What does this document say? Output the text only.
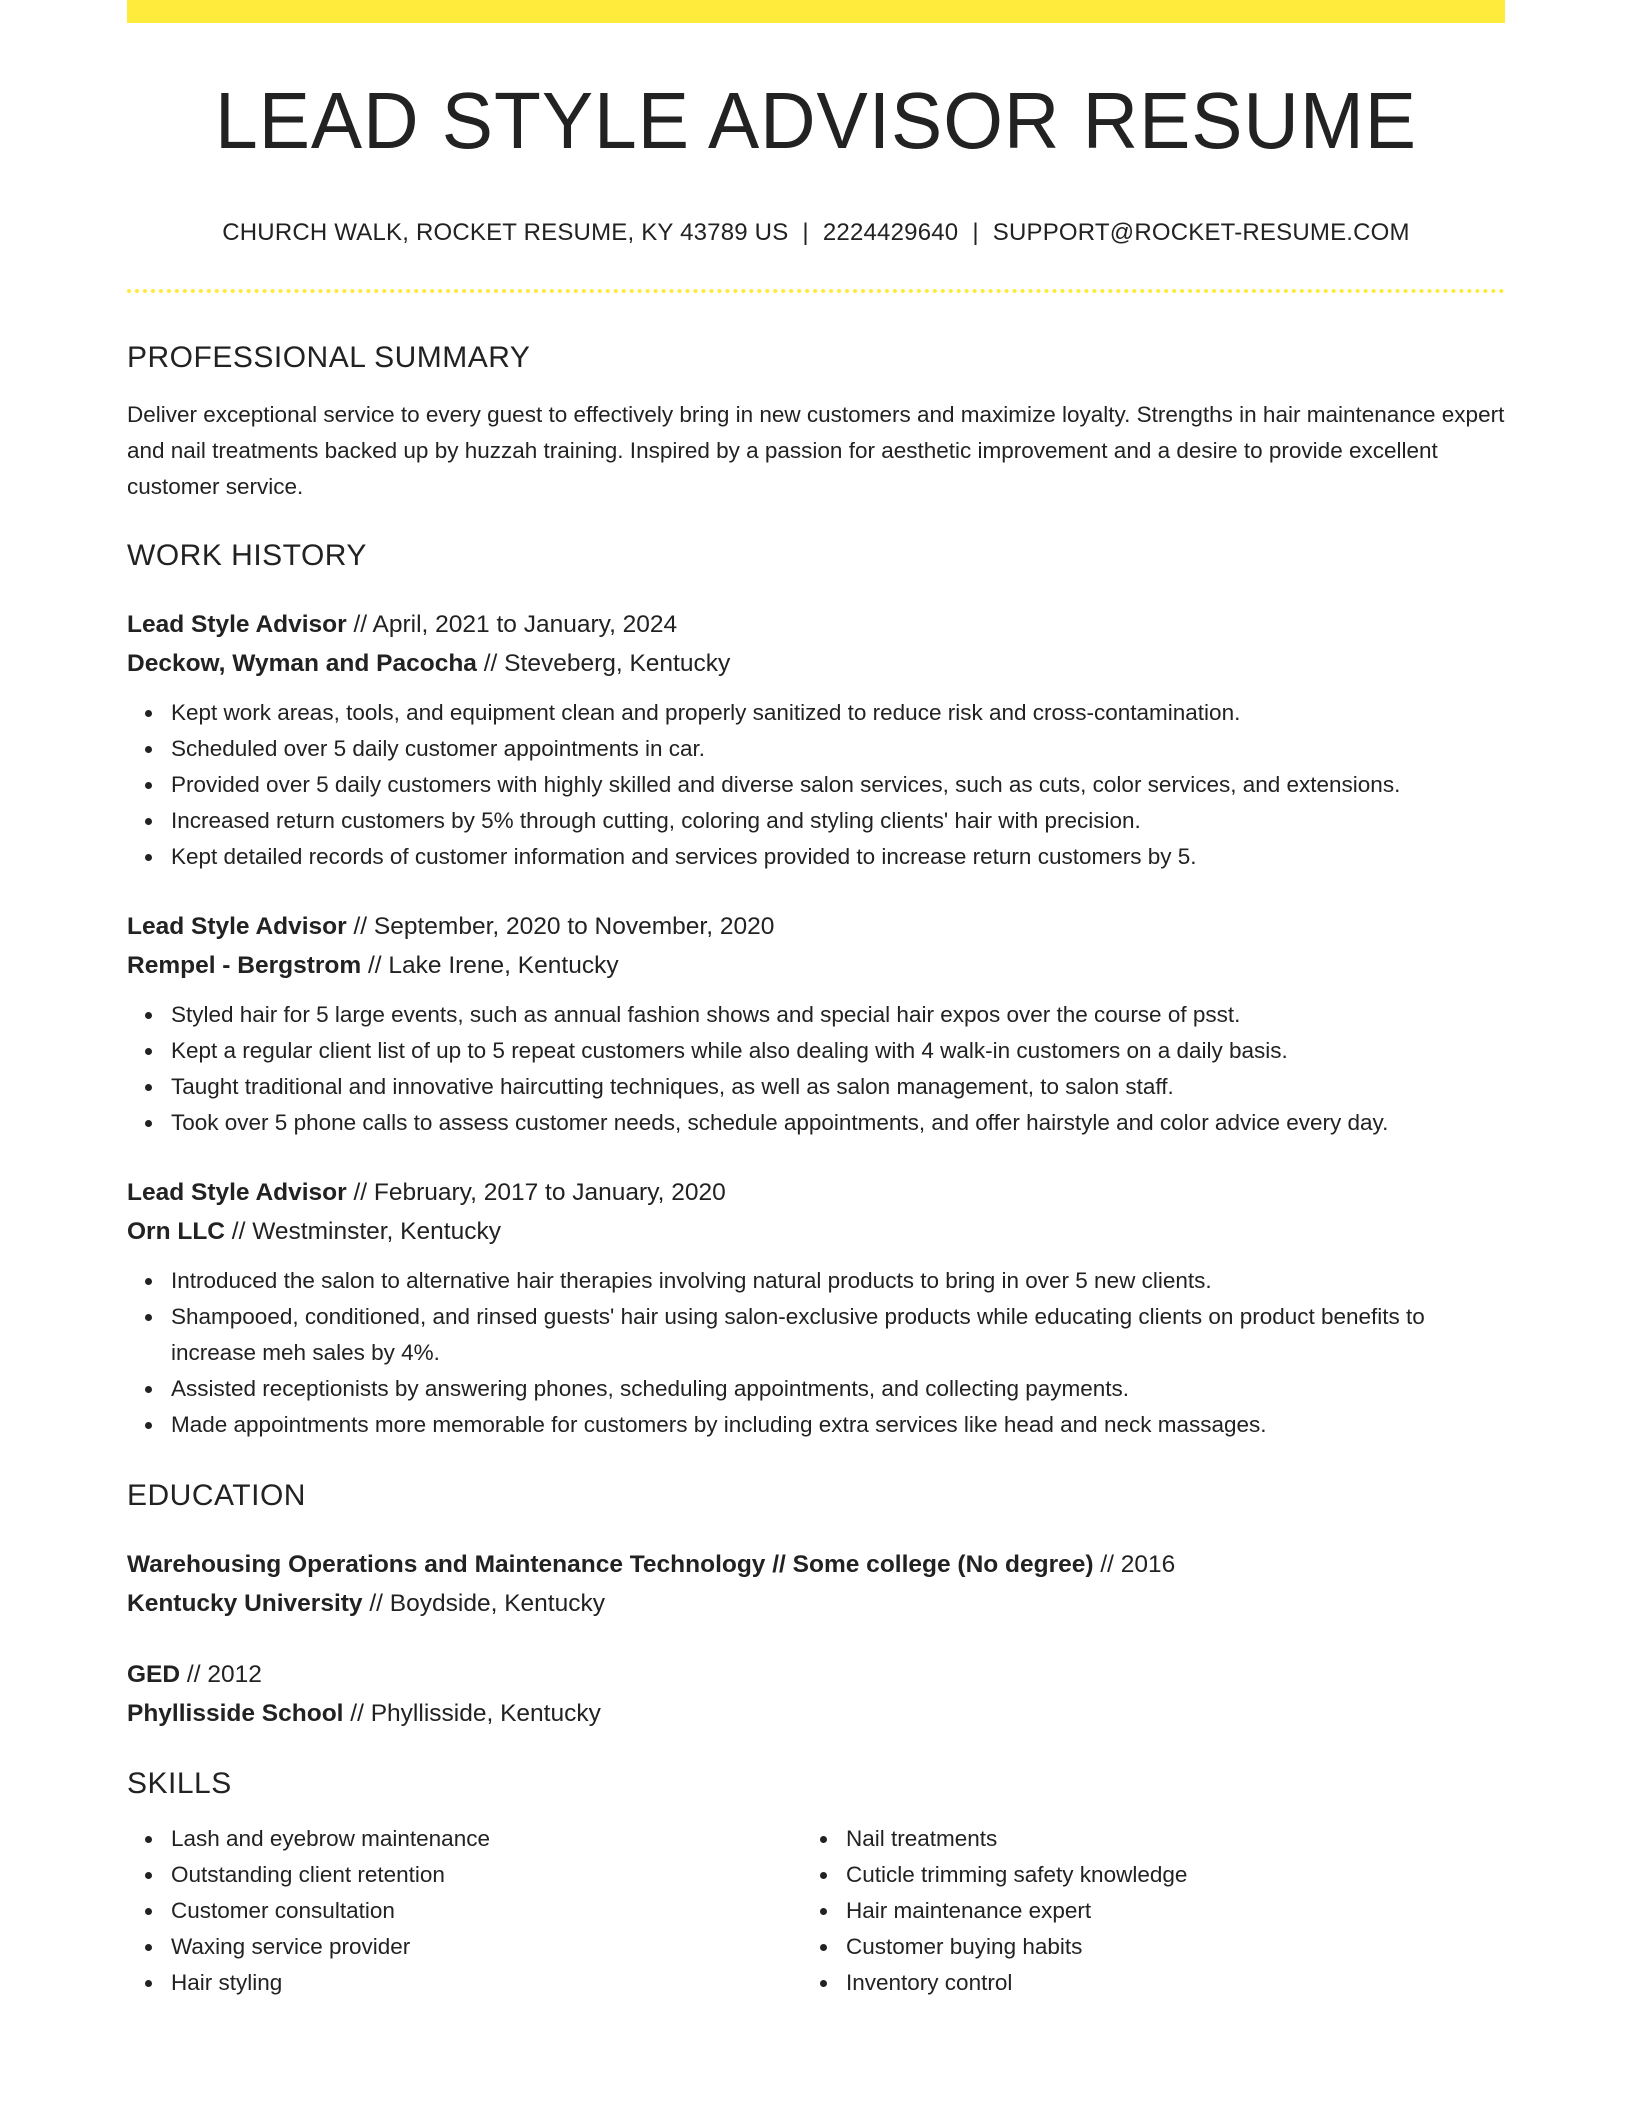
LEAD STYLE ADVISOR RESUME
CHURCH WALK, ROCKET RESUME, KY 43789 US | 2224429640 | SUPPORT@ROCKET-RESUME.COM
PROFESSIONAL SUMMARY
Deliver exceptional service to every guest to effectively bring in new customers and maximize loyalty. Strengths in hair maintenance expert and nail treatments backed up by huzzah training. Inspired by a passion for aesthetic improvement and a desire to provide excellent customer service.
WORK HISTORY
Lead Style Advisor // April, 2021 to January, 2024
Deckow, Wyman and Pacocha // Steveberg, Kentucky
Kept work areas, tools, and equipment clean and properly sanitized to reduce risk and cross-contamination.
Scheduled over 5 daily customer appointments in car.
Provided over 5 daily customers with highly skilled and diverse salon services, such as cuts, color services, and extensions.
Increased return customers by 5% through cutting, coloring and styling clients' hair with precision.
Kept detailed records of customer information and services provided to increase return customers by 5.
Lead Style Advisor // September, 2020 to November, 2020
Rempel - Bergstrom // Lake Irene, Kentucky
Styled hair for 5 large events, such as annual fashion shows and special hair expos over the course of psst.
Kept a regular client list of up to 5 repeat customers while also dealing with 4 walk-in customers on a daily basis.
Taught traditional and innovative haircutting techniques, as well as salon management, to salon staff.
Took over 5 phone calls to assess customer needs, schedule appointments, and offer hairstyle and color advice every day.
Lead Style Advisor // February, 2017 to January, 2020
Orn LLC // Westminster, Kentucky
Introduced the salon to alternative hair therapies involving natural products to bring in over 5 new clients.
Shampooed, conditioned, and rinsed guests' hair using salon-exclusive products while educating clients on product benefits to increase meh sales by 4%.
Assisted receptionists by answering phones, scheduling appointments, and collecting payments.
Made appointments more memorable for customers by including extra services like head and neck massages.
EDUCATION
Warehousing Operations and Maintenance Technology // Some college (No degree) // 2016
Kentucky University // Boydside, Kentucky
GED // 2012
Phyllisside School // Phyllisside, Kentucky
SKILLS
Lash and eyebrow maintenance
Outstanding client retention
Customer consultation
Waxing service provider
Hair styling
Nail treatments
Cuticle trimming safety knowledge
Hair maintenance expert
Customer buying habits
Inventory control
